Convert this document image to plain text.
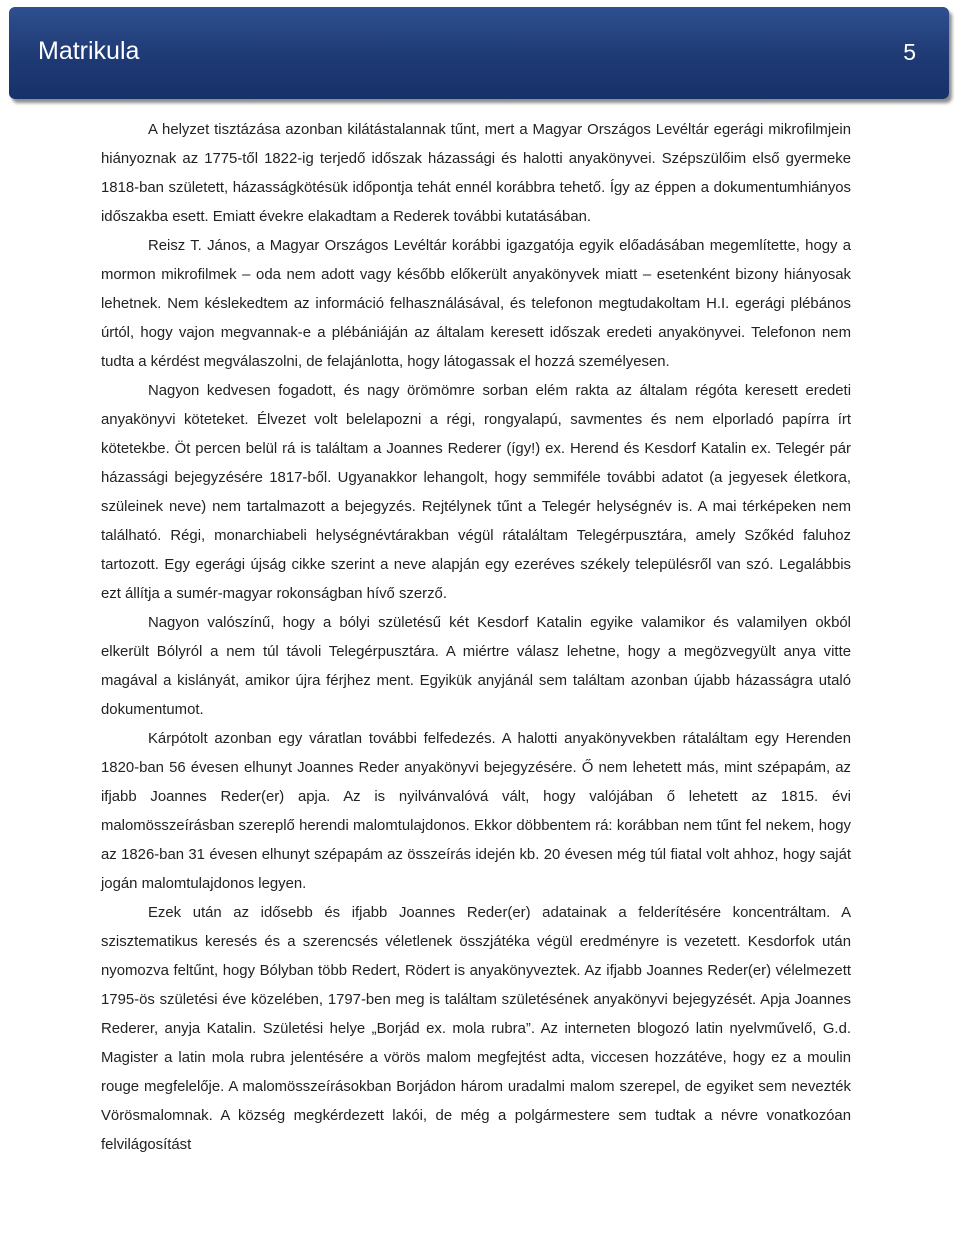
Matrikula	5

A helyzet tisztázása azonban kilátástalannak tűnt, mert a Magyar Országos Levéltár egerági mikrofilmjein hiányoznak az 1775-től 1822-ig terjedő időszak házassági és halotti anyakönyvei. Szépszülőim első gyermeke 1818-ban született, házasságkötésük időpontja tehát ennél korábbra tehető. Így az éppen a dokumentumhiányos időszakba esett. Emiatt évekre elakadtam a Rederek további kutatásában.

Reisz T. János, a Magyar Országos Levéltár korábbi igazgatója egyik előadásában megemlítette, hogy a mormon mikrofilmek – oda nem adott vagy később előkerült anyakönyvek miatt – esetenként bizony hiányosak lehetnek. Nem késlekedtem az információ felhasználásával, és telefonon megtudakoltam H.I. egerági plébános úrtól, hogy vajon megvannak-e a plébániáján az általam keresett időszak eredeti anyakönyvei. Telefonon nem tudta a kérdést megválaszolni, de felajánlotta, hogy látogassak el hozzá személyesen.

Nagyon kedvesen fogadott, és nagy örömömre sorban elém rakta az általam régóta keresett eredeti anyakönyvi köteteket. Élvezet volt belelapozni a régi, rongyalapú, savmentes és nem elporladó papírra írt kötetekbe. Öt percen belül rá is találtam a Joannes Rederer (így!) ex. Herend és Kesdorf Katalin ex. Telegér pár házassági bejegyzésére 1817-ből. Ugyanakkor lehangolt, hogy semmiféle további adatot (a jegyesek életkora, szüleinek neve) nem tartalmazott a bejegyzés. Rejtélynek tűnt a Telegér helységnév is. A mai térképeken nem található. Régi, monarchiabeli helységnévtárakban végül rátaláltam Telegérpusztára, amely Szőkéd faluhoz tartozott. Egy egerági újság cikke szerint a neve alapján egy ezeréves székely településről van szó. Legalábbis ezt állítja a sumér-magyar rokonságban hívő szerző.

Nagyon valószínű, hogy a bólyi születésű két Kesdorf Katalin egyike valamikor és valamilyen okból elkerült Bólyról a nem túl távoli Telegérpusztára. A miértre válasz lehetne, hogy a megözvegyült anya vitte magával a kislányát, amikor újra férjhez ment. Egyikük anyjánál sem találtam azonban újabb házasságra utaló dokumentumot.

Kárpótolt azonban egy váratlan további felfedezés. A halotti anyakönyvekben rátaláltam egy Herenden 1820-ban 56 évesen elhunyt Joannes Reder anyakönyvi bejegyzésére. Ő nem lehetett más, mint szépapám, az ifjabb Joannes Reder(er) apja. Az is nyilvánvalóvá vált, hogy valójában ő lehetett az 1815. évi malomösszeírásban szereplő herendi malomtulajdonos. Ekkor döbbentem rá: korábban nem tűnt fel nekem, hogy az 1826-ban 31 évesen elhunyt szépapám az összeírás idején kb. 20 évesen még túl fiatal volt ahhoz, hogy saját jogán malomtulajdonos legyen.

Ezek után az idősebb és ifjabb Joannes Reder(er) adatainak a felderítésére koncentráltam. A szisztematikus keresés és a szerencsés véletlenek összjátéka végül eredményre is vezetett. Kesdorfok után nyomozva feltűnt, hogy Bólyban több Redert, Rödert is anyakönyveztek. Az ifjabb Joannes Reder(er) vélelmezett 1795-ös születési éve közelében, 1797-ben meg is találtam születésének anyakönyvi bejegyzését. Apja Joannes Rederer, anyja Katalin. Születési helye „Borjád ex. mola rubra”. Az interneten blogozó latin nyelvművelő, G.d. Magister a latin mola rubra jelentésére a vörös malom megfejtést adta, viccesen hozzátéve, hogy ez a moulin rouge megfelelője. A malomösszeírásokban Borjádon három uradalmi malom szerepel, de egyiket sem nevezték Vörösmalomnak. A község megkérdezett lakói, de még a polgármestere sem tudtak a névre vonatkozóan felvilágosítást
